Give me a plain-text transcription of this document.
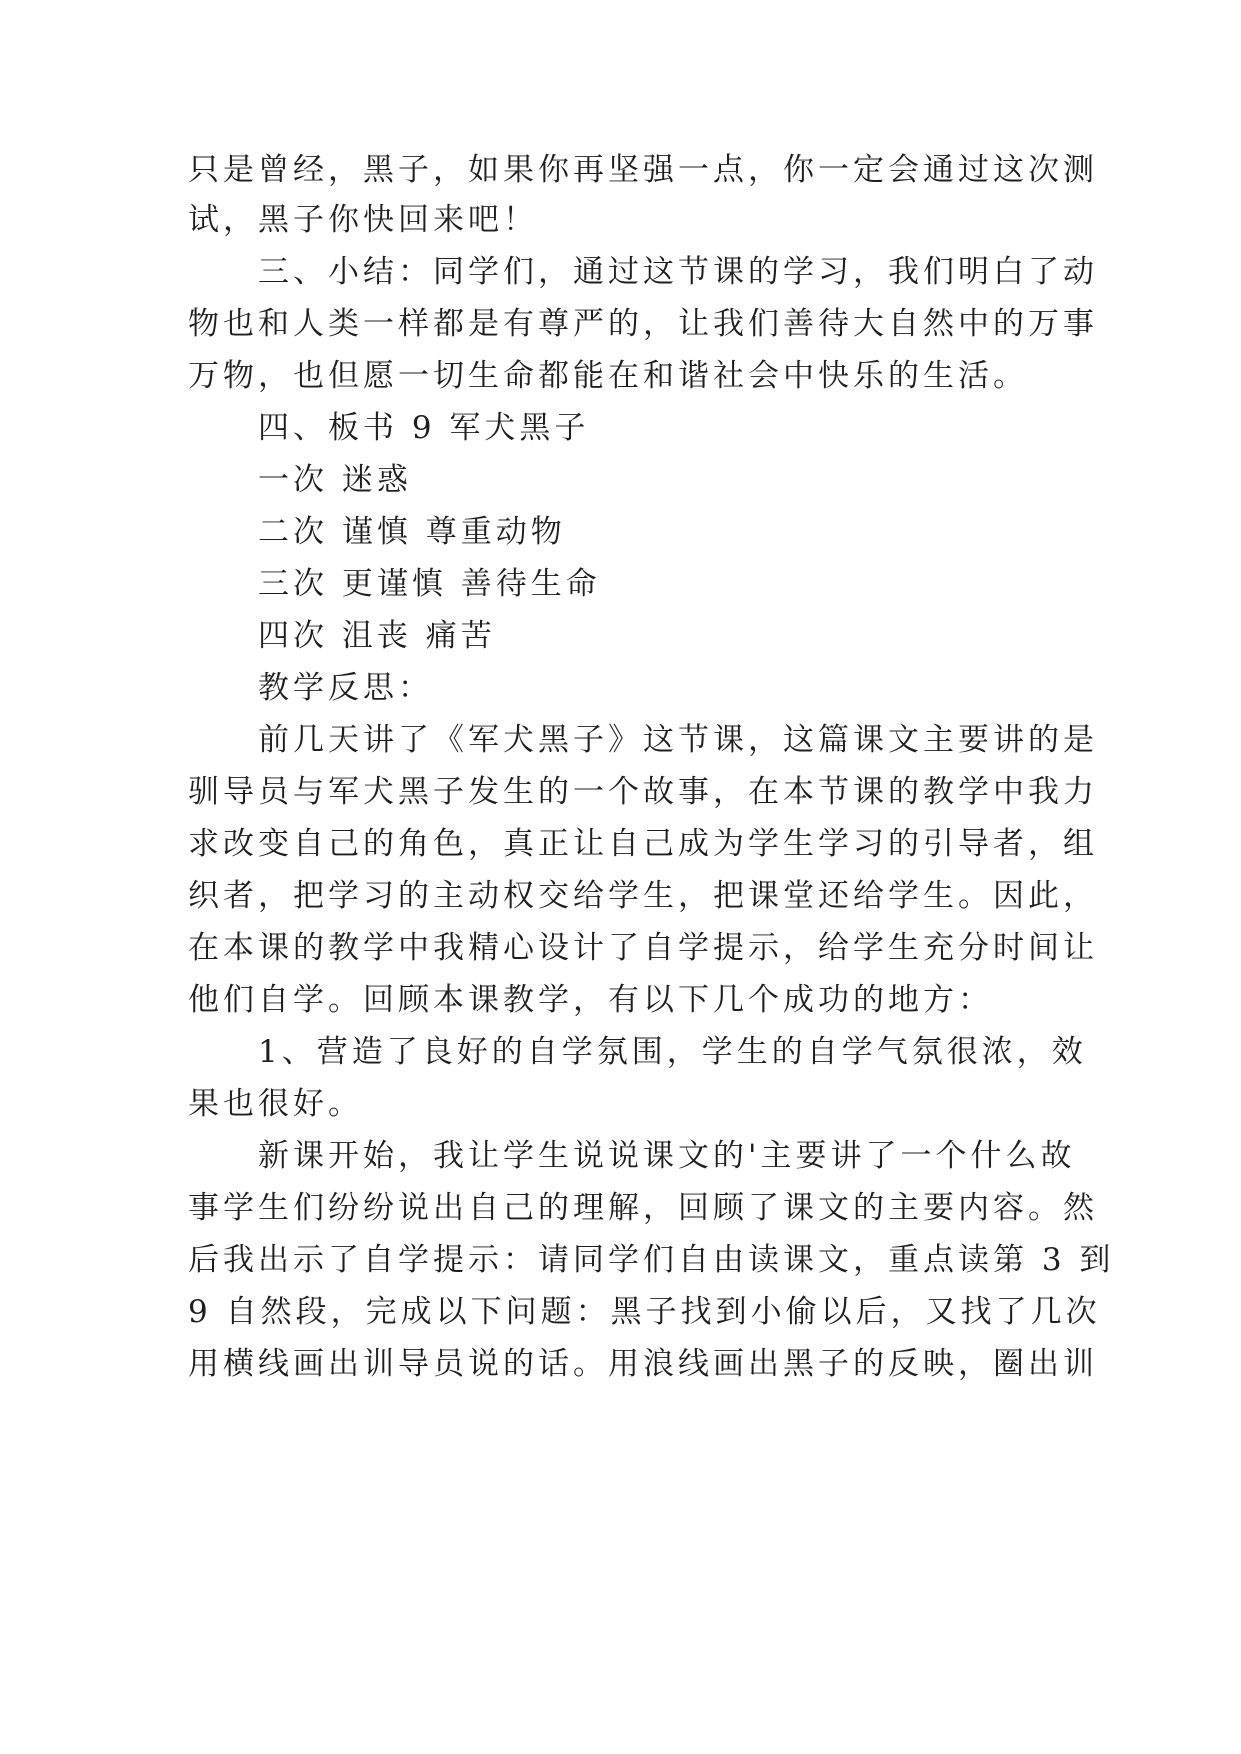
只是曾经，黑子，如果你再坚强一点，你一定会通过这次测
试，黑子你快回来吧！
三、小结：同学们，通过这节课的学习，我们明白了动
物也和人类一样都是有尊严的，让我们善待大自然中的万事
万物，也但愿一切生命都能在和谐社会中快乐的生活。
四、板书 9 军犬黑子
一次 迷惑
二次 谨慎 尊重动物
三次 更谨慎 善待生命
四次 沮丧 痛苦
教学反思：
前几天讲了《军犬黑子》这节课，这篇课文主要讲的是
驯导员与军犬黑子发生的一个故事，在本节课的教学中我力
求改变自己的角色，真正让自己成为学生学习的引导者，组
织者，把学习的主动权交给学生，把课堂还给学生。因此，
在本课的教学中我精心设计了自学提示，给学生充分时间让
他们自学。回顾本课教学，有以下几个成功的地方：
1、营造了良好的自学氛围，学生的自学气氛很浓，效
果也很好。
新课开始，我让学生说说课文的'主要讲了一个什么故
事学生们纷纷说出自己的理解，回顾了课文的主要内容。然
后我出示了自学提示：请同学们自由读课文，重点读第 3 到
9 自然段，完成以下问题：黑子找到小偷以后，又找了几次
用横线画出训导员说的话。用浪线画出黑子的反映，圈出训
